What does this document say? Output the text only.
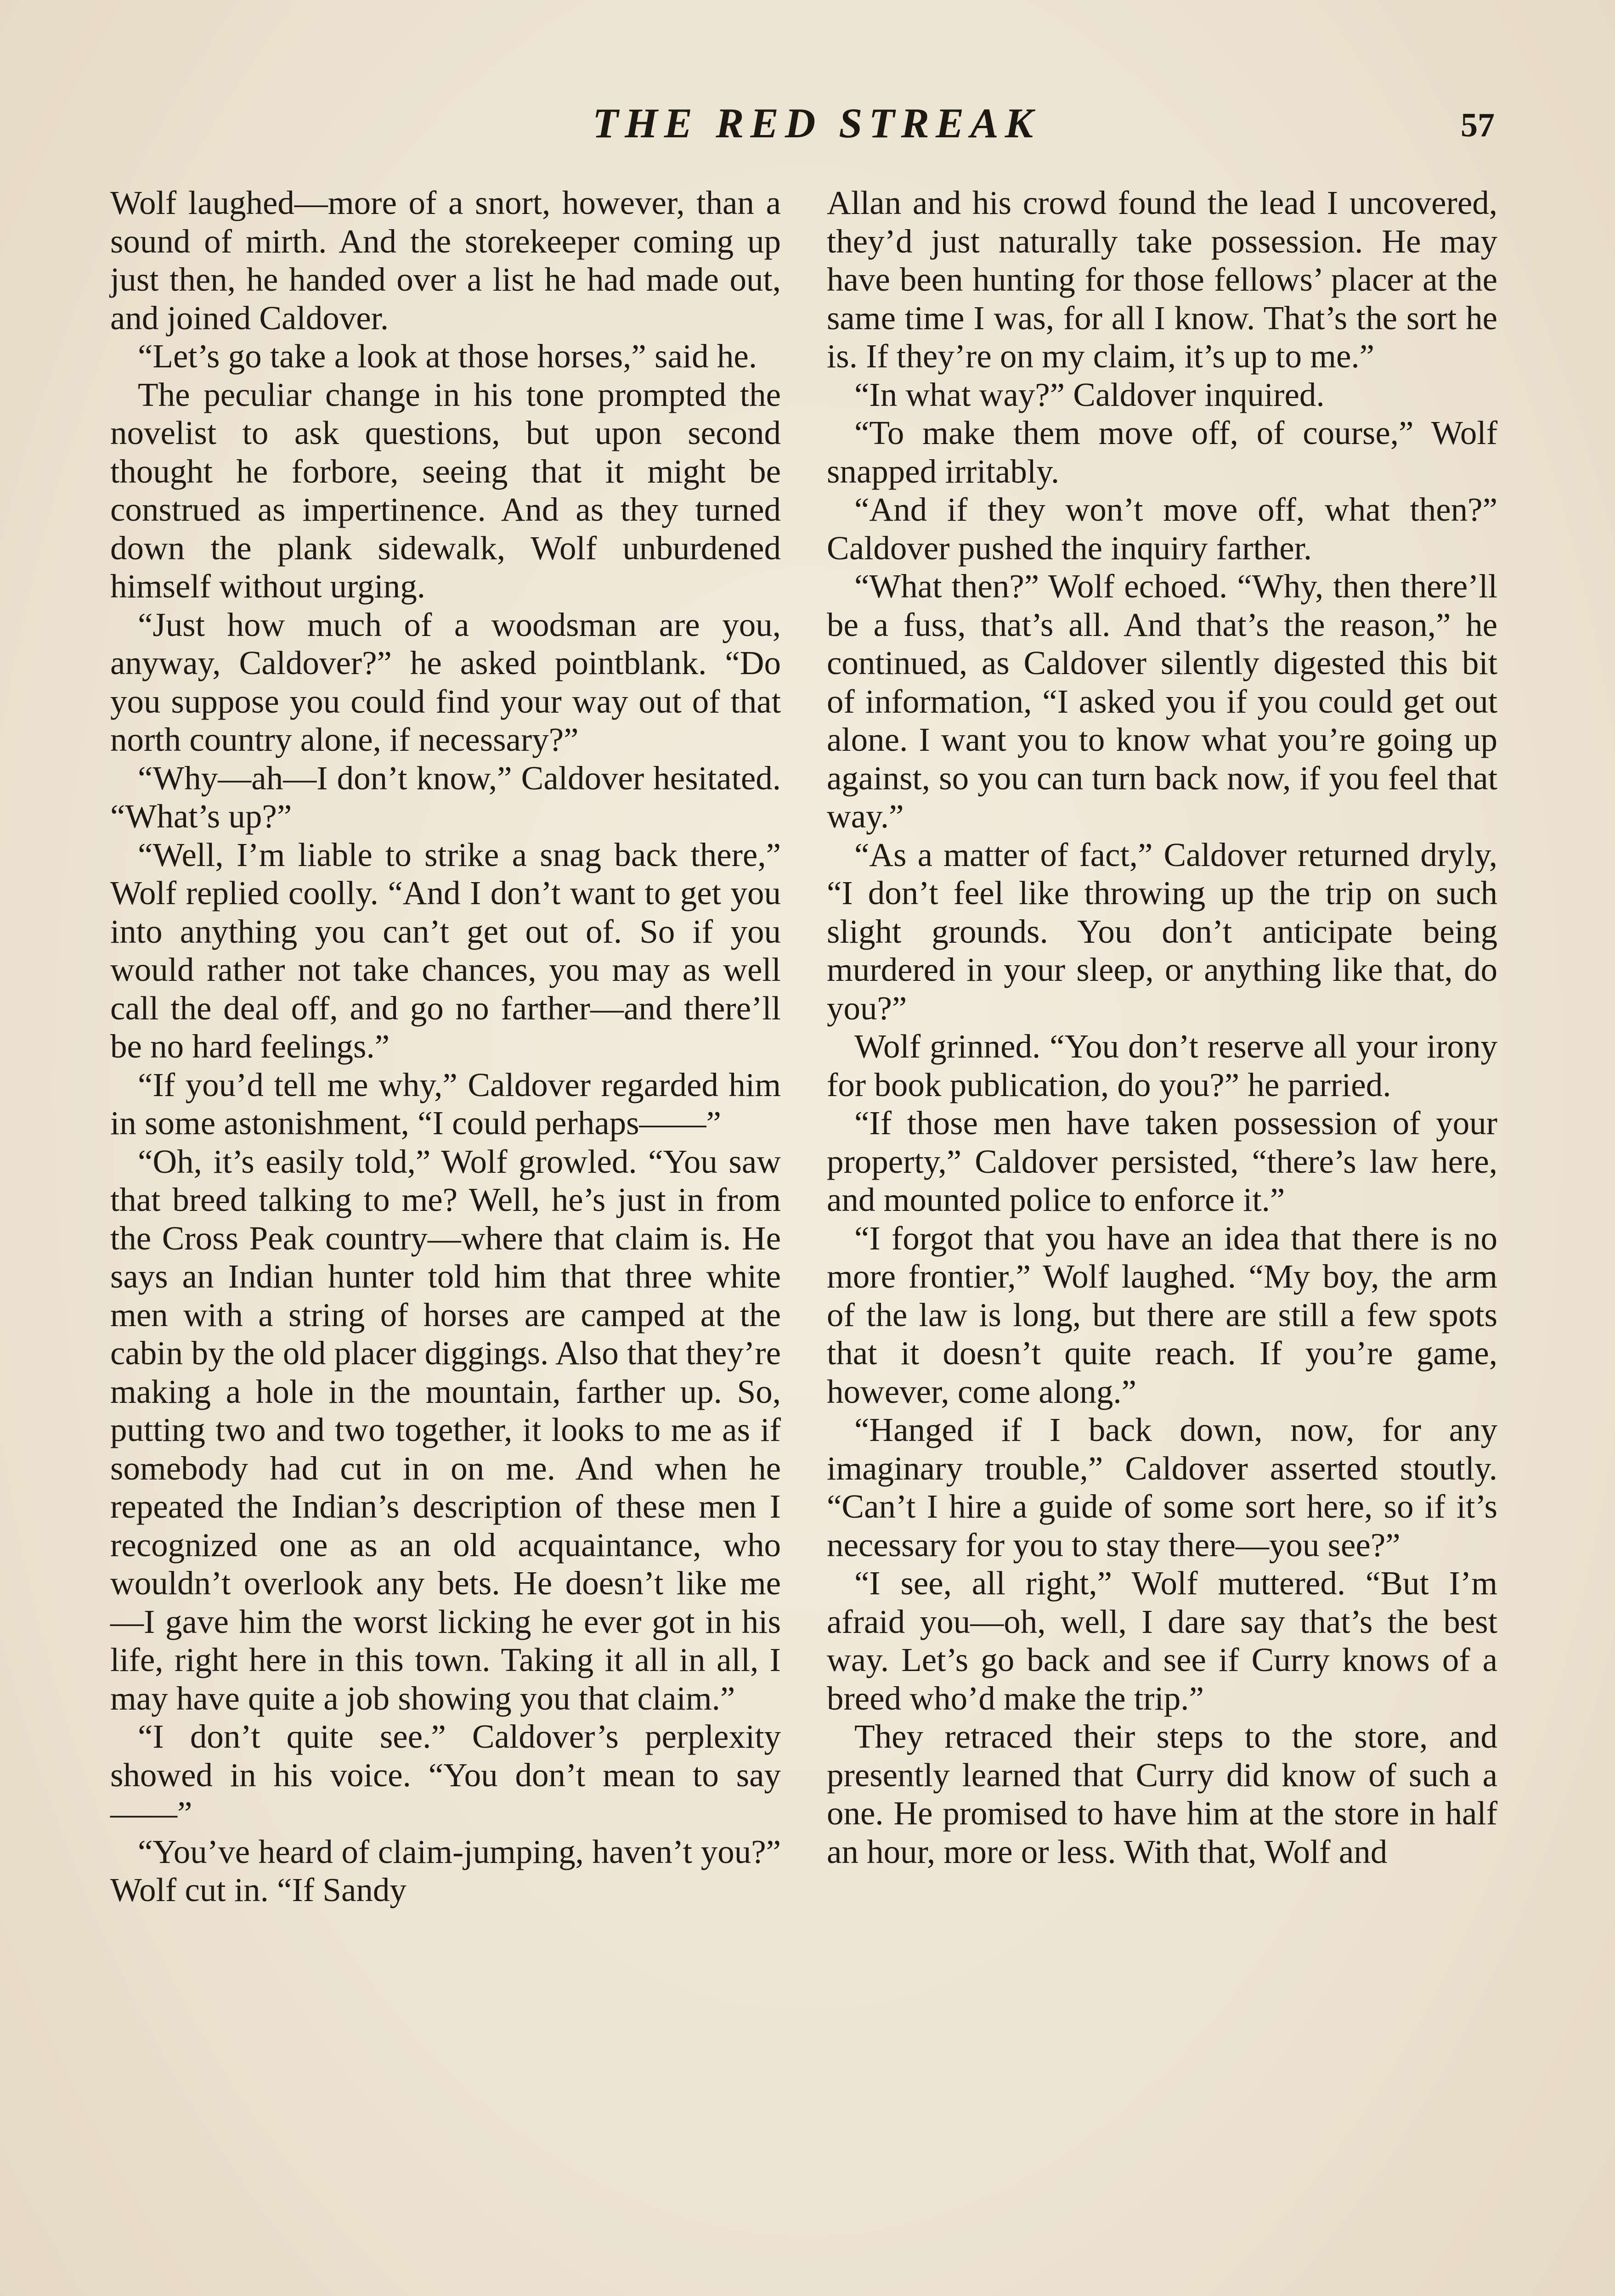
THE RED STREAK	57

Wolf laughed—more of a snort, however, than a sound of mirth. And the storekeeper coming up just then, he handed over a list he had made out, and joined Caldover.

“Let’s go take a look at those horses,” said he.

The peculiar change in his tone prompted the novelist to ask questions, but upon second thought he forbore, seeing that it might be construed as impertinence. And as they turned down the plank sidewalk, Wolf unburdened himself without urging.

“Just how much of a woodsman are you, anyway, Caldover?” he asked pointblank. “Do you suppose you could find your way out of that north country alone, if necessary?”

“Why—ah—I don’t know,” Caldover hesitated. “What’s up?”

“Well, I’m liable to strike a snag back there,” Wolf replied coolly. “And I don’t want to get you into anything you can’t get out of. So if you would rather not take chances, you may as well call the deal off, and go no farther—and there’ll be no hard feelings.”

“If you’d tell me why,” Caldover regarded him in some astonishment, “I could perhaps——”

“Oh, it’s easily told,” Wolf growled. “You saw that breed talking to me? Well, he’s just in from the Cross Peak country—where that claim is. He says an Indian hunter told him that three white men with a string of horses are camped at the cabin by the old placer diggings. Also that they’re making a hole in the mountain, farther up. So, putting two and two together, it looks to me as if somebody had cut in on me. And when he repeated the Indian’s description of these men I recognized one as an old acquaintance, who wouldn’t overlook any bets. He doesn’t like me —I gave him the worst licking he ever got in his life, right here in this town. Taking it all in all, I may have quite a job showing you that claim.”

“I don’t quite see.” Caldover’s perplexity showed in his voice. “You don’t mean to say——”

“You’ve heard of claim-jumping, haven’t you?” Wolf cut in. “If Sandy

Allan and his crowd found the lead I uncovered, they’d just naturally take possession. He may have been hunting for those fellows’ placer at the same time I was, for all I know. That’s the sort he is. If they’re on my claim, it’s up to me.”

“In what way?” Caldover inquired.

“To make them move off, of course,” Wolf snapped irritably.

“And if they won’t move off, what then?” Caldover pushed the inquiry farther.

“What then?” Wolf echoed. “Why, then there’ll be a fuss, that’s all. And that’s the reason,” he continued, as Caldover silently digested this bit of information, “I asked you if you could get out alone. I want you to know what you’re going up against, so you can turn back now, if you feel that way.”

“As a matter of fact,” Caldover returned dryly, “I don’t feel like throwing up the trip on such slight grounds. You don’t anticipate being murdered in your sleep, or anything like that, do you?”

Wolf grinned. “You don’t reserve all your irony for book publication, do you?” he parried.

“If those men have taken possession of your property,” Caldover persisted, “there’s law here, and mounted police to enforce it.”

“I forgot that you have an idea that there is no more frontier,” Wolf laughed. “My boy, the arm of the law is long, but there are still a few spots that it doesn’t quite reach. If you’re game, however, come along.”

“Hanged if I back down, now, for any imaginary trouble,” Caldover asserted stoutly. “Can’t I hire a guide of some sort here, so if it’s necessary for you to stay there—you see?”

“I see, all right,” Wolf muttered. “But I’m afraid you—oh, well, I dare say that’s the best way. Let’s go back and see if Curry knows of a breed who’d make the trip.”

They retraced their steps to the store, and presently learned that Curry did know of such a one. He promised to have him at the store in half an hour, more or less. With that, Wolf and
